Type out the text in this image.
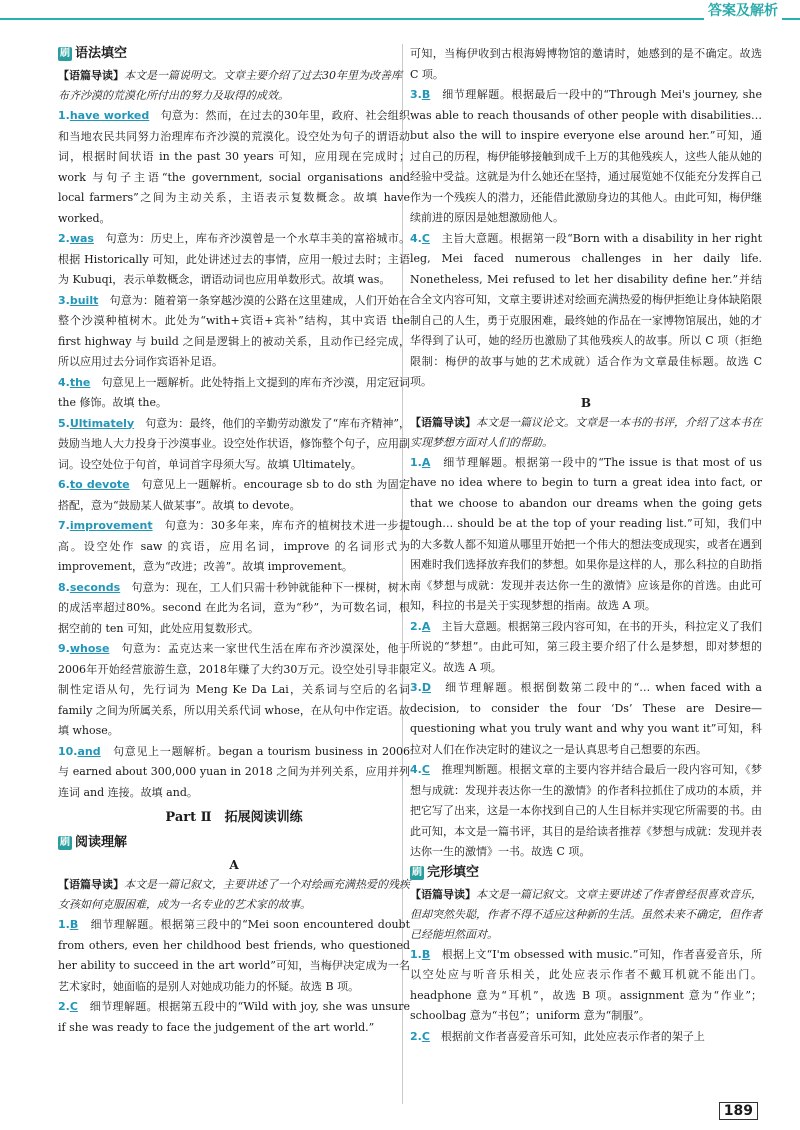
答案及解析
刷 语法填空

【语篇导读】本文是一篇说明文。文章主要介绍了过去30年里为改善库布齐沙漠的荒漠化所付出的努力及取得的成效。

1.have worked　 句意为：然而，在过去的30年里，政府、社会组织和当地农民共同努力治理库布齐沙漠的荒漠化。设空处为句子的谓语动词，根据时间状语 in the past 30 years 可知，应用现在完成时；work 与句子主语“the government, social organisations and local farmers”之间为主动关系，主语表示复数概念。故填 have worked。

2.was　 句意为：历史上，库布齐沙漠曾是一个水草丰美的富裕城市。根据 Historically 可知，此处讲述过去的事情，应用一般过去时；主语为 Kubuqi，表示单数概念，谓语动词也应用单数形式。故填 was。

3.built　 句意为：随着第一条穿越沙漠的公路在这里建成，人们开始在整个沙漠种植树木。此处为“with+宾语+宾补”结构，其中宾语 the first highway 与 build 之间是逻辑上的被动关系，且动作已经完成，所以应用过去分词作宾语补足语。

4.the　 句意见上一题解析。此处特指上文提到的库布齐沙漠，用定冠词 the 修饰。故填 the。

5.Ultimately　 句意为：最终，他们的辛勤劳动激发了“库布齐精神”，鼓励当地人大力投身于沙漠事业。设空处作状语，修饰整个句子，应用副词。设空处位于句首，单词首字母须大写。故填 Ultimately。

6.to devote　 句意见上一题解析。encourage sb to do sth 为固定搭配，意为“鼓励某人做某事”。故填 to devote。

7.improvement　 句意为：30多年来，库布齐的植树技术进一步提高。设空处作 saw 的宾语，应用名词，improve 的名词形式为 improvement，意为“改进；改善”。故填 improvement。

8.seconds　 句意为：现在，工人们只需十秒钟就能种下一棵树，树木的成活率超过80%。second 在此为名词，意为“秒”，为可数名词，根据空前的 ten 可知，此处应用复数形式。

9.whose　 句意为：孟克达来一家世代生活在库布齐沙漠深处，他于2006年开始经营旅游生意，2018年赚了大约30万元。设空处引导非限制性定语从句，先行词为 Meng Ke Da Lai，关系词与空后的名词 family 之间为所属关系，所以用关系代词 whose，在从句中作定语。故填 whose。

10.and　 句意见上一题解析。began a tourism business in 2006 与 earned about 300,000 yuan in 2018 之间为并列关系，应用并列连词 and 连接。故填 and。

Part Ⅱ　拓展阅读训练
刷 阅读理解
A

【语篇导读】本文是一篇记叙文，主要讲述了一个对绘画充满热爱的残疾女孩如何克服困难，成为一名专业的艺术家的故事。

1.B　 细节理解题。根据第三段中的“Mei soon encountered doubt from others, even her childhood best friends, who questioned her ability to succeed in the art world”可知，当梅伊决定成为一名艺术家时，她面临的是别人对她成功能力的怀疑。故选 B 项。

2.C　 细节理解题。根据第五段中的“Wild with joy, she was unsure if she was ready to face the judgement of the art world.”

可知，当梅伊收到古根海姆博物馆的邀请时，她感到的是不确定。故选 C 项。

3.B　 细节理解题。根据最后一段中的“Through Mei's journey, she was able to reach thousands of other people with disabilities… but also the will to inspire everyone else around her.”可知，通过自己的历程，梅伊能够接触到成千上万的其他残疾人，这些人能从她的经验中受益。这就是为什么她还在坚持，通过展览她不仅能充分发挥自己作为一个残疾人的潜力，还能借此激励身边的其他人。由此可知，梅伊继续前进的原因是她想激励他人。

4.C　 主旨大意题。根据第一段“Born with a disability in her right leg, Mei faced numerous challenges in her daily life. Nonetheless, Mei refused to let her disability define her.”并结合全文内容可知，文章主要讲述对绘画充满热爱的梅伊拒绝让身体缺陷限制自己的人生，勇于克服困难，最终她的作品在一家博物馆展出，她的才华得到了认可，她的经历也激励了其他残疾人的故事。所以 C 项（拒绝限制：梅伊的故事与她的艺术成就）适合作为文章最佳标题。故选 C 项。

B

【语篇导读】本文是一篇议论文。文章是一本书的书评，介绍了这本书在实现梦想方面对人们的帮助。

1.A　 细节理解题。根据第一段中的“The issue is that most of us have no idea where to begin to turn a great idea into fact, or that we choose to abandon our dreams when the going gets tough… should be at the top of your reading list.”可知，我们中的大多数人都不知道从哪里开始把一个伟大的想法变成现实，或者在遇到困难时我们选择放弃我们的梦想。如果你是这样的人，那么科拉的自助指南《梦想与成就：发现并表达你一生的激情》应该是你的首选。由此可知，科拉的书是关于实现梦想的指南。故选 A 项。

2.A　 主旨大意题。根据第三段内容可知，在书的开头，科拉定义了我们所说的“梦想”。由此可知，第三段主要介绍了什么是梦想，即对梦想的定义。故选 A 项。

3.D　 细节理解题。根据倒数第二段中的“… when faced with a decision, to consider the four ‘Ds’ These are Desire—questioning what you truly want and why you want it”可知，科拉对人们在作决定时的建议之一是认真思考自己想要的东西。

4.C　 推理判断题。根据文章的主要内容并结合最后一段内容可知，《梦想与成就：发现并表达你一生的激情》的作者科拉抓住了成功的本质，并把它写了出来，这是一本你找到自己的人生目标并实现它所需要的书。由此可知，本文是一篇书评，其目的是给读者推荐《梦想与成就：发现并表达你一生的激情》一书。故选 C 项。

刷 完形填空

【语篇导读】本文是一篇记叙文。文章主要讲述了作者曾经很喜欢音乐，但却突然失聪，作者不得不适应这种新的生活。虽然未来不确定，但作者已经能坦然面对。

1.B　 根据上文“I'm obsessed with music.”可知，作者喜爱音乐，所以空处应与听音乐相关，此处应表示作者不戴耳机就不能出门。headphone 意为“耳机”，故选 B 项。assignment 意为“作业”；schoolbag 意为“书包”；uniform 意为“制服”。

2.C　 根据前文作者喜爱音乐可知，此处应表示作者的架子上

189
